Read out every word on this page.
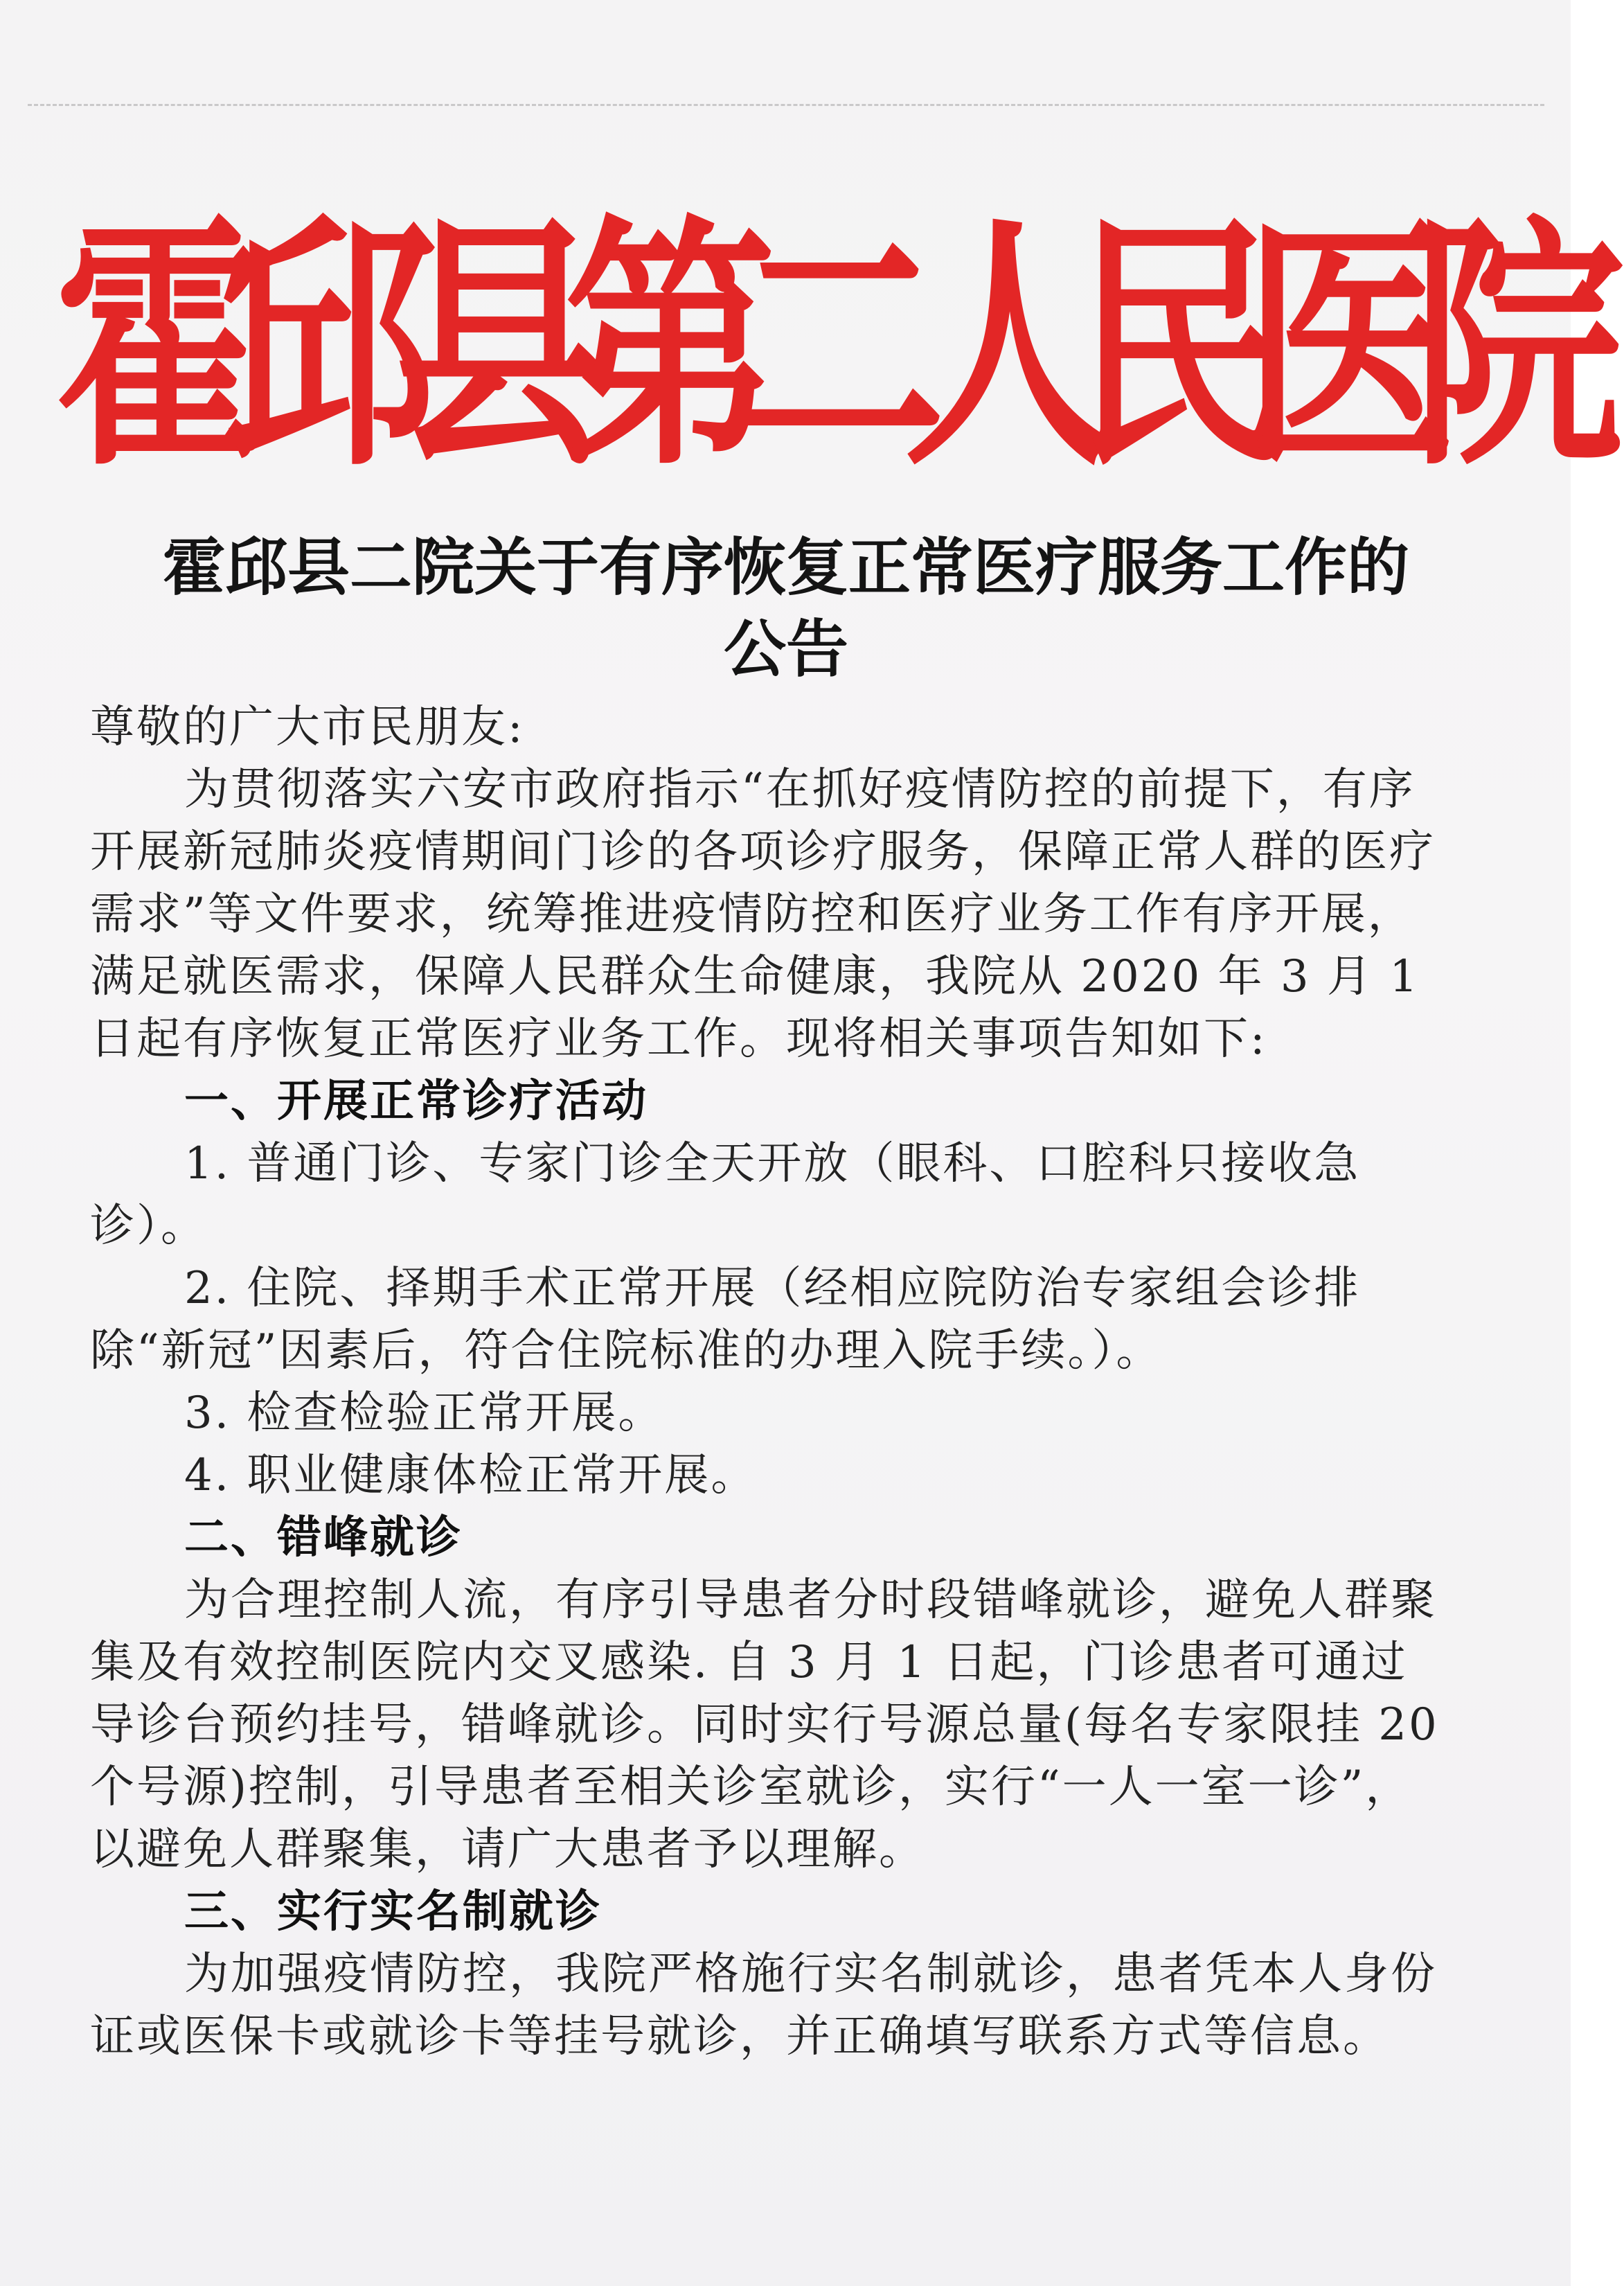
霍
邱
县
第
二
人
民
医
院
霍邱县二院关于有序恢复正常医疗服务工作的
公告

尊敬的广大市民朋友:

为贯彻落实六安市政府指示“在抓好疫情防控的前提下，有序开展新冠肺炎疫情期间门诊的各项诊疗服务，保障正常人群的医疗需求”等文件要求，统筹推进疫情防控和医疗业务工作有序开展，满足就医需求，保障人民群众生命健康，我院从 2020 年 3 月 1 日起有序恢复正常医疗业务工作。现将相关事项告知如下:

一、开展正常诊疗活动

1. 普通门诊、专家门诊全天开放（眼科、口腔科只接收急诊）。

2. 住院、择期手术正常开展（经相应院防治专家组会诊排除“新冠”因素后，符合住院标准的办理入院手续。）。

3. 检查检验正常开展。

4. 职业健康体检正常开展。

二、错峰就诊

为合理控制人流，有序引导患者分时段错峰就诊，避免人群聚集及有效控制医院内交叉感染. 自 3 月 1 日起，门诊患者可通过导诊台预约挂号，错峰就诊。同时实行号源总量(每名专家限挂 20 个号源)控制，引导患者至相关诊室就诊，实行“一人一室一诊”，以避免人群聚集，请广大患者予以理解。

三、实行实名制就诊

为加强疫情防控，我院严格施行实名制就诊，患者凭本人身份证或医保卡或就诊卡等挂号就诊，并正确填写联系方式等信息。
